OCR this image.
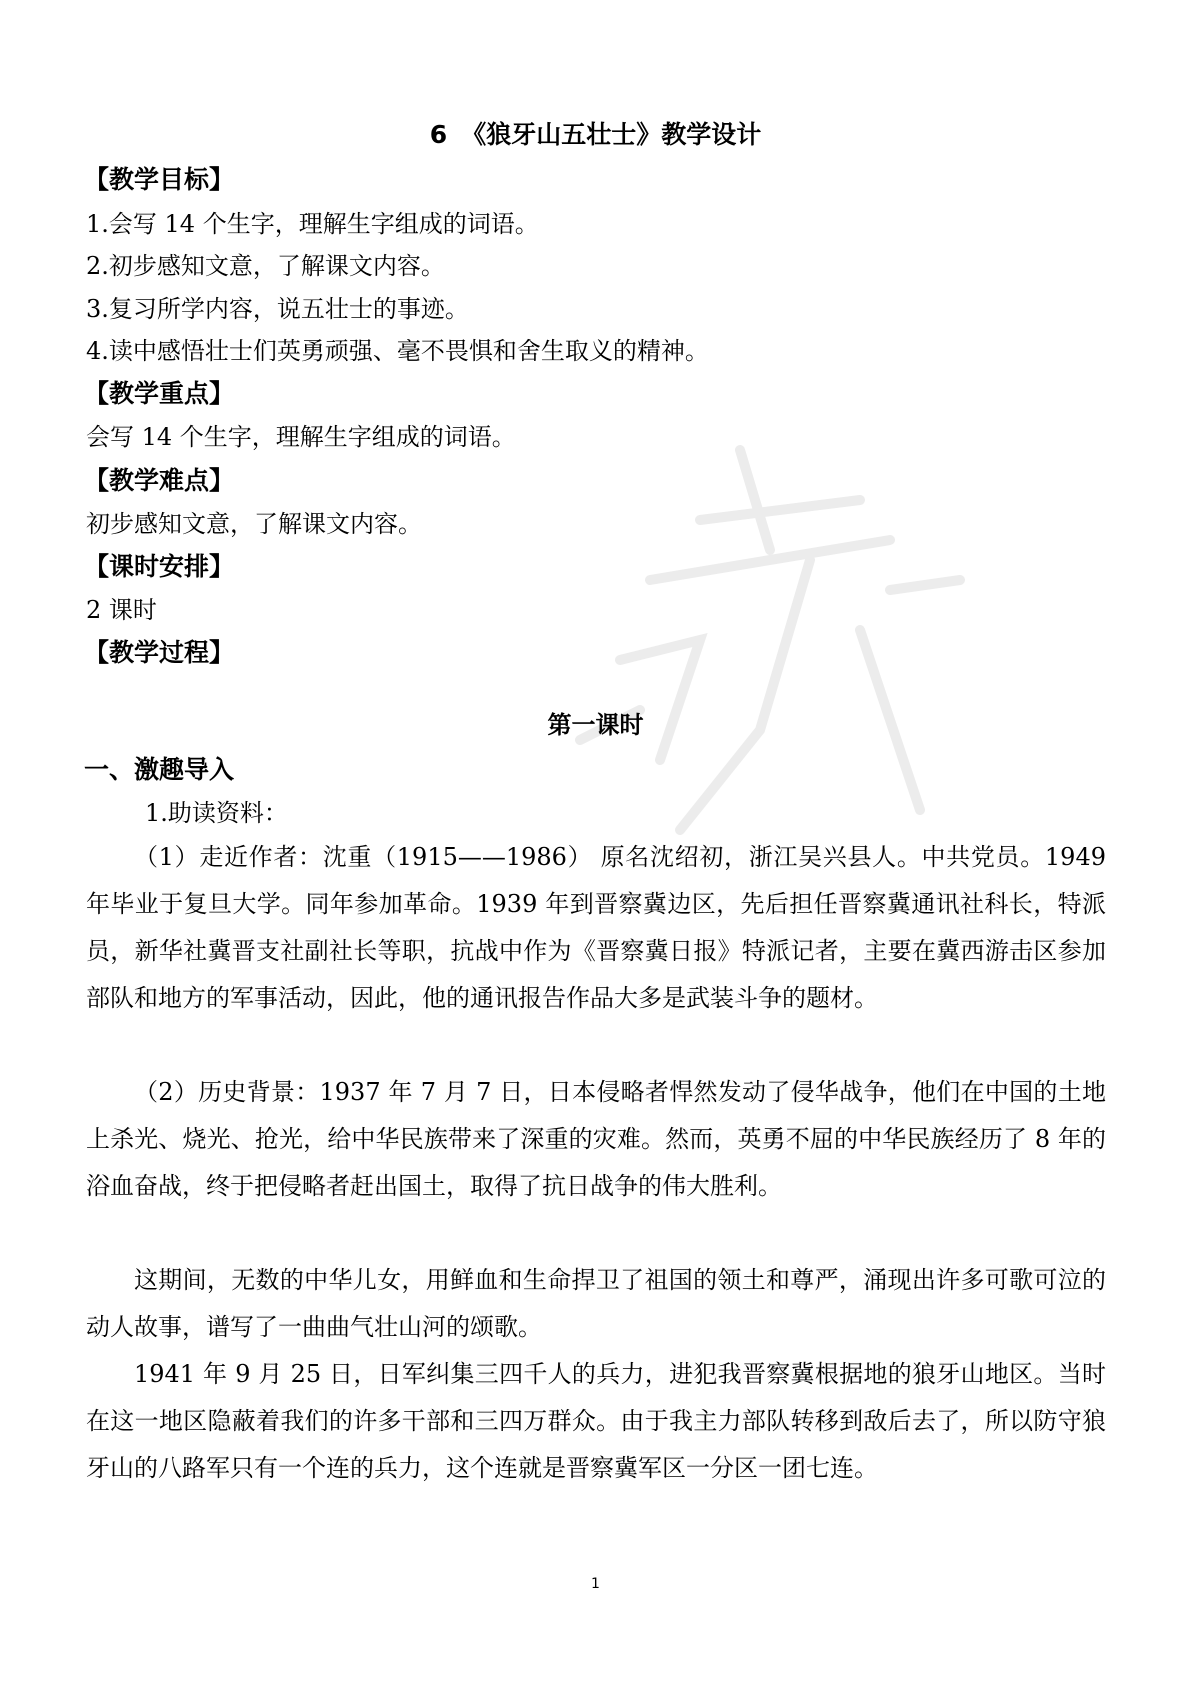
6 《狼牙山五壮士》教学设计
【教学目标】
1.会写 14 个生字，理解生字组成的词语。
2.初步感知文意，了解课文内容。
3.复习所学内容，说五壮士的事迹。
4.读中感悟壮士们英勇顽强、毫不畏惧和舍生取义的精神。
【教学重点】
会写 14 个生字，理解生字组成的词语。
【教学难点】
初步感知文意，了解课文内容。
【课时安排】
2 课时
【教学过程】
第一课时
一、激趣导入
1.助读资料：
（1）走近作者：沈重（1915——1986） 原名沈绍初，浙江吴兴县人。中共党员。1949 年毕业于复旦大学。同年参加革命。1939 年到晋察冀边区，先后担任晋察冀通讯社科长，特派员，新华社冀晋支社副社长等职，抗战中作为《晋察冀日报》特派记者，主要在冀西游击区参加部队和地方的军事活动，因此，他的通讯报告作品大多是武装斗争的题材。
（2）历史背景：1937 年 7 月 7 日，日本侵略者悍然发动了侵华战争，他们在中国的土地上杀光、烧光、抢光，给中华民族带来了深重的灾难。然而，英勇不屈的中华民族经历了 8 年的浴血奋战，终于把侵略者赶出国土，取得了抗日战争的伟大胜利。
这期间，无数的中华儿女，用鲜血和生命捍卫了祖国的领土和尊严，涌现出许多可歌可泣的动人故事，谱写了一曲曲气壮山河的颂歌。
1941 年 9 月 25 日，日军纠集三四千人的兵力，进犯我晋察冀根据地的狼牙山地区。当时在这一地区隐蔽着我们的许多干部和三四万群众。由于我主力部队转移到敌后去了，所以防守狼牙山的八路军只有一个连的兵力，这个连就是晋察冀军区一分区一团七连。
1
